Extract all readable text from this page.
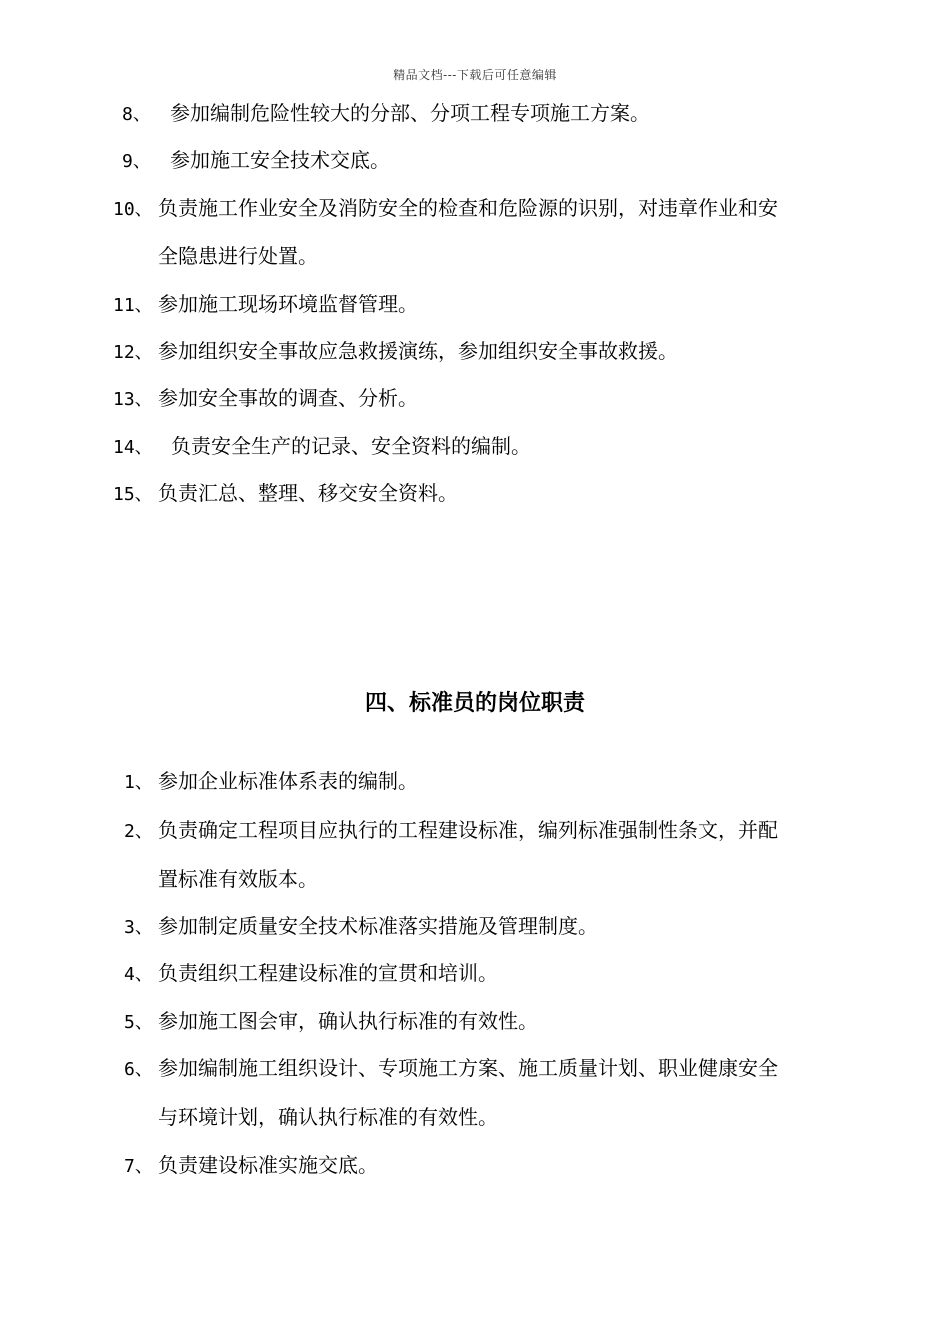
精品文档---下载后可任意编辑
8、 参加编制危险性较大的分部、分项工程专项施工方案。
9、 参加施工安全技术交底。
10、 负责施工作业安全及消防安全的检查和危险源的识别，对违章作业和安
全隐患进行处置。
11、 参加施工现场环境监督管理。
12、 参加组织安全事故应急救援演练，参加组织安全事故救援。
13、 参加安全事故的调查、分析。
14、 负责安全生产的记录、安全资料的编制。
15、 负责汇总、整理、移交安全资料。
四、标准员的岗位职责
1、 参加企业标准体系表的编制。
2、 负责确定工程项目应执行的工程建设标准，编列标准强制性条文，并配
置标准有效版本。
3、 参加制定质量安全技术标准落实措施及管理制度。
4、 负责组织工程建设标准的宣贯和培训。
5、 参加施工图会审，确认执行标准的有效性。
6、 参加编制施工组织设计、专项施工方案、施工质量计划、职业健康安全
与环境计划，确认执行标准的有效性。
7、 负责建设标准实施交底。
